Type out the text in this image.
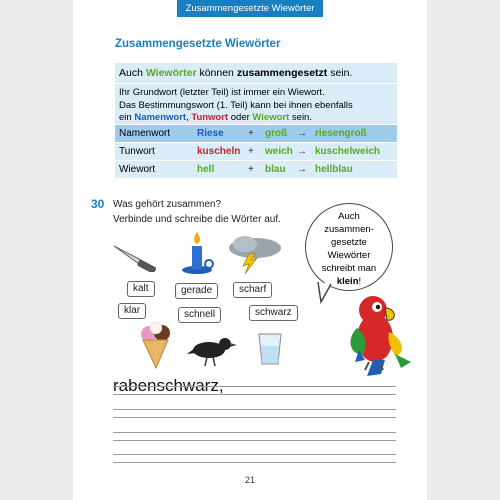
Zusammengesetzte Wiewörter
Zusammengesetzte Wiewörter
Auch Wiewörter können zusammengesetzt sein.
Ihr Grundwort (letzter Teil) ist immer ein Wiewort.
Das Bestimmungswort (1. Teil) kann bei ihnen ebenfalls
ein Namenwort, Tunwort oder Wiewort sein.
Namenwort	Riese + groß → riesengroß
Tunwort	kuscheln + weich → kuschelweich
Wiewort	hell	+ blau → hellblau
30 Was gehört zusammen?
Verbinde und schreibe die Wörter auf.
kalt	gerade	scharf
klar	schnell	schwarz
Auch
zusammen-
gesetzte
Wiewörter
schreibt man
klein!
rabenschwarz,
21
